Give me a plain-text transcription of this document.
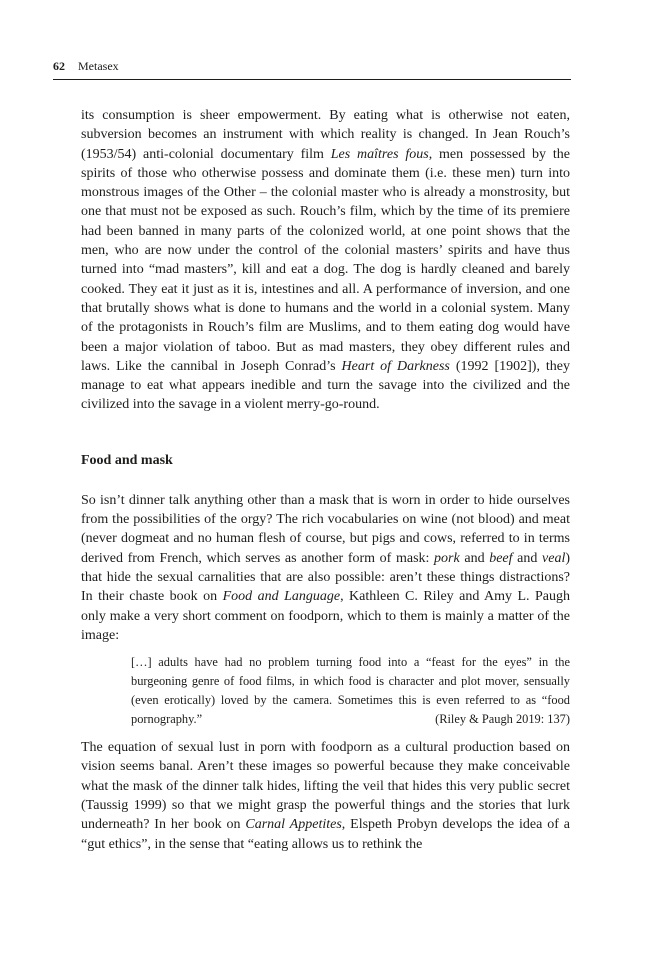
62 Metasex

its consumption is sheer empowerment. By eating what is otherwise not eaten, subversion becomes an instrument with which reality is changed. In Jean Rouch’s (1953/54) anti-colonial documentary film Les maîtres fous, men possessed by the spirits of those who otherwise possess and dominate them (i.e. these men) turn into monstrous images of the Other – the colonial master who is already a monstrosity, but one that must not be exposed as such. Rouch’s film, which by the time of its premiere had been banned in many parts of the colonized world, at one point shows that the men, who are now under the control of the colonial masters’ spirits and have thus turned into “mad masters”, kill and eat a dog. The dog is hardly cleaned and barely cooked. They eat it just as it is, intestines and all. A performance of inversion, and one that brutally shows what is done to humans and the world in a colonial system. Many of the protagonists in Rouch’s film are Muslims, and to them eating dog would have been a major violation of taboo. But as mad masters, they obey different rules and laws. Like the cannibal in Joseph Conrad’s Heart of Darkness (1992 [1902]), they manage to eat what appears inedible and turn the savage into the civilized and the civilized into the savage in a violent merry-go-round.

Food and mask

So isn’t dinner talk anything other than a mask that is worn in order to hide ourselves from the possibilities of the orgy? The rich vocabularies on wine (not blood) and meat (never dogmeat and no human flesh of course, but pigs and cows, referred to in terms derived from French, which serves as another form of mask: pork and beef and veal) that hide the sexual carnalities that are also possible: aren’t these things distractions? In their chaste book on Food and Language, Kathleen C. Riley and Amy L. Paugh only make a very short comment on foodporn, which to them is mainly a matter of the image:

[…] adults have had no problem turning food into a “feast for the eyes” in the burgeoning genre of food films, in which food is character and plot mover, sensually (even erotically) loved by the camera. Sometimes this is even referred to as “food pornography.”	(Riley & Paugh 2019: 137)

The equation of sexual lust in porn with foodporn as a cultural production based on vision seems banal. Aren’t these images so powerful because they make conceivable what the mask of the dinner talk hides, lifting the veil that hides this very public secret (Taussig 1999) so that we might grasp the powerful things and the stories that lurk underneath? In her book on Carnal Appetites, Elspeth Probyn develops the idea of a “gut ethics”, in the sense that “eating allows us to rethink the
